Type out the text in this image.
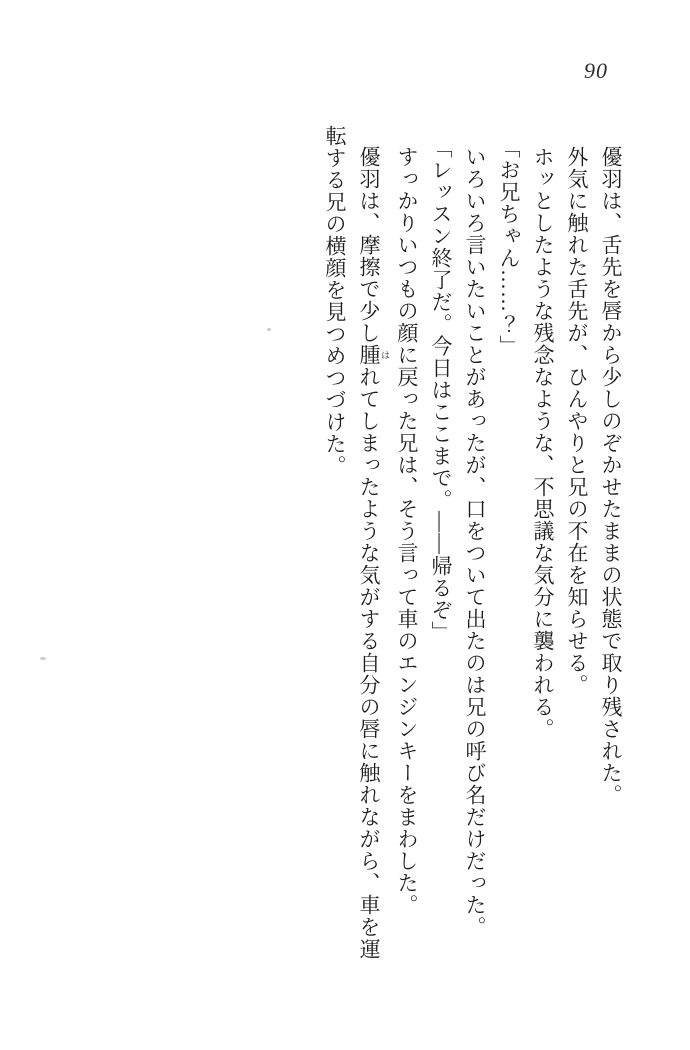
90

優羽は、舌先を唇から少しのぞかせたままの状態で取り残された。

外気に触れた舌先が、ひんやりと兄の不在を知らせる。

ホッとしたような残念なような、不思議な気分に襲われる。

「お兄ちゃん……？」

いろいろ言いたいことがあったが、口をついて出たのは兄の呼び名だけだった。

「レッスン終了だ。今日はここまで。――帰るぞ」

すっかりいつもの顔に戻った兄は、そう言って車のエンジンキーをまわした。

優羽は、摩擦で少し腫 はれてしまったような気がする自分の唇に触れながら、車を運

転する兄の横顔を見つめつづけた。
